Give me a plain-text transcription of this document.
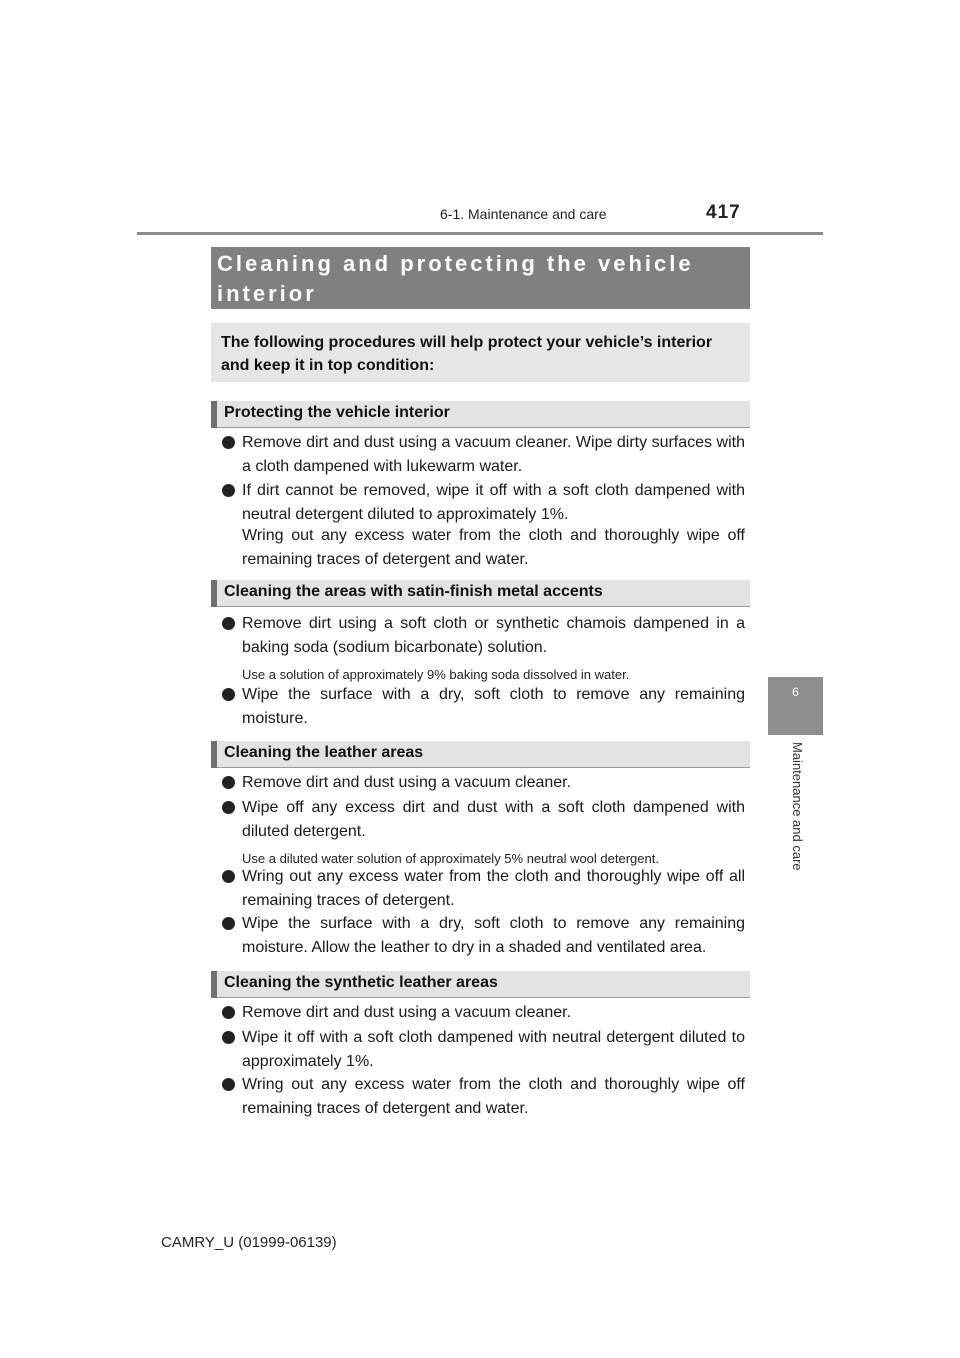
6-1. Maintenance and care	417
6
Maintenance and care
Cleaning and protecting the vehicle interior
The following procedures will help protect your vehicle’s interior and keep it in top condition:
Protecting the vehicle interior
Remove dirt and dust using a vacuum cleaner. Wipe dirty surfaces with a cloth dampened with lukewarm water.
If dirt cannot be removed, wipe it off with a soft cloth dampened with neutral detergent diluted to approximately 1%.
Wring out any excess water from the cloth and thoroughly wipe off remaining traces of detergent and water.
Cleaning the areas with satin-finish metal accents
Remove dirt using a soft cloth or synthetic chamois dampened in a baking soda (sodium bicarbonate) solution.
Use a solution of approximately 9% baking soda dissolved in water.
Wipe the surface with a dry, soft cloth to remove any remaining moisture.
Cleaning the leather areas
Remove dirt and dust using a vacuum cleaner.
Wipe off any excess dirt and dust with a soft cloth dampened with diluted detergent.
Use a diluted water solution of approximately 5% neutral wool detergent.
Wring out any excess water from the cloth and thoroughly wipe off all remaining traces of detergent.
Wipe the surface with a dry, soft cloth to remove any remaining moisture. Allow the leather to dry in a shaded and ventilated area.
Cleaning the synthetic leather areas
Remove dirt and dust using a vacuum cleaner.
Wipe it off with a soft cloth dampened with neutral detergent diluted to approximately 1%.
Wring out any excess water from the cloth and thoroughly wipe off remaining traces of detergent and water.
CAMRY_U (01999-06139)
